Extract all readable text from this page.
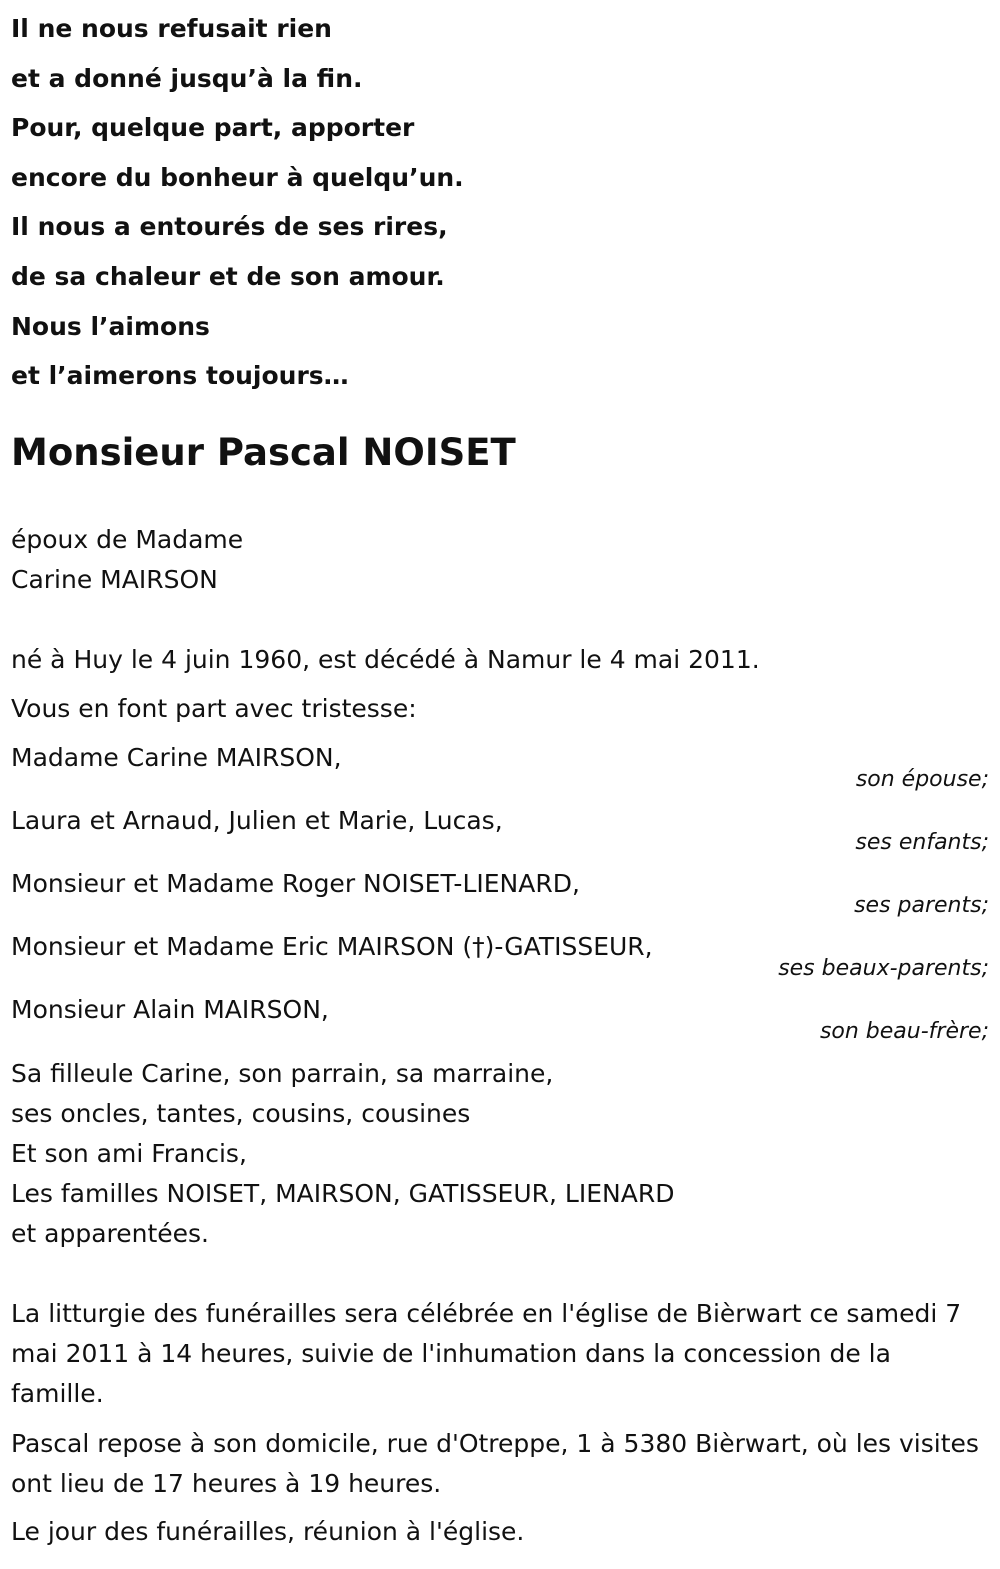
Il ne nous refusait rien
et a donné jusqu’à la fin.
Pour, quelque part, apporter
encore du bonheur à quelqu’un.
Il nous a entourés de ses rires,
de sa chaleur et de son amour.
Nous l’aimons
et l’aimerons toujours…
Monsieur Pascal NOISET
époux de Madame
Carine MAIRSON
né à Huy le 4 juin 1960, est décédé à Namur le 4 mai 2011.
Vous en font part avec tristesse:
Madame Carine MAIRSON,
son épouse;
Laura et Arnaud, Julien et Marie, Lucas,
ses enfants;
Monsieur et Madame Roger NOISET-LIENARD,
ses parents;
Monsieur et Madame Eric MAIRSON (†)-GATISSEUR,
ses beaux-parents;
Monsieur Alain MAIRSON,
son beau-frère;
Sa filleule Carine, son parrain, sa marraine,
ses oncles, tantes, cousins, cousines
Et son ami Francis,
Les familles NOISET, MAIRSON, GATISSEUR, LIENARD
et apparentées.
La litturgie des funérailles sera célébrée en l'église de Bièrwart ce samedi 7 mai 2011 à 14 heures, suivie de l'inhumation dans la concession de la famille.
Pascal repose à son domicile, rue d'Otreppe, 1 à 5380 Bièrwart, où les visites ont lieu de 17 heures à 19 heures.
Le jour des funérailles, réunion à l'église.
